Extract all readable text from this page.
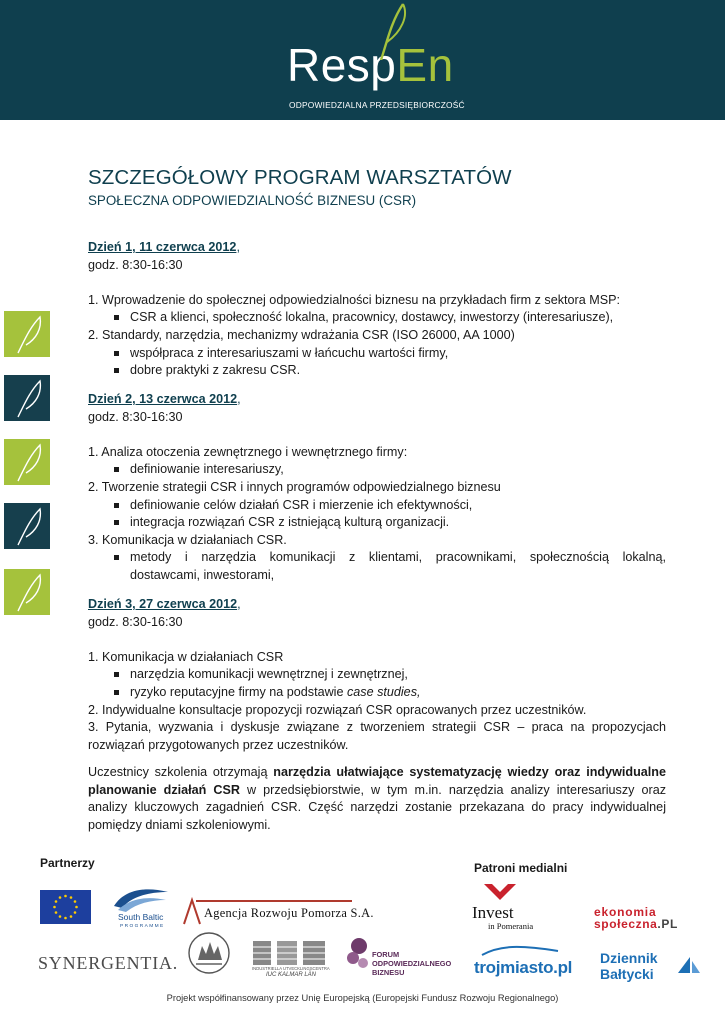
RespEn
ODPOWIEDZIALNA PRZEDSIĘBIORCZOŚĆ
SZCZEGÓŁOWY PROGRAM WARSZTATÓW
SPOŁECZNA ODPOWIEDZIALNOŚĆ BIZNESU (CSR)
Dzień 1, 11 czerwca 2012,
godz. 8:30-16:30
1. Wprowadzenie do społecznej odpowiedzialności biznesu na przykładach firm z sektora MSP:
CSR a klienci, społeczność lokalna, pracownicy, dostawcy, inwestorzy (interesariusze),
2. Standardy, narzędzia, mechanizmy wdrażania CSR (ISO 26000, AA 1000)
współpraca z interesariuszami w łańcuchu wartości firmy,
dobre praktyki z zakresu CSR.
Dzień 2, 13 czerwca 2012,
godz. 8:30-16:30
1. Analiza otoczenia zewnętrznego i wewnętrznego firmy:
definiowanie interesariuszy,
2. Tworzenie strategii CSR i innych programów odpowiedzialnego biznesu
definiowanie celów działań CSR i mierzenie ich efektywności,
integracja rozwiązań CSR z istniejącą kulturą organizacji.
3. Komunikacja w działaniach CSR.
metody i narzędzia komunikacji z klientami, pracownikami, społecznością lokalną,
dostawcami, inwestorami,
Dzień 3, 27 czerwca 2012,
godz. 8:30-16:30
1. Komunikacja w działaniach CSR
narzędzia komunikacji wewnętrznej i zewnętrznej,
ryzyko reputacyjne firmy na podstawie case studies,
2. Indywidualne konsultacje propozycji rozwiązań CSR opracowanych przez uczestników.
3. Pytania, wyzwania i dyskusje związane z tworzeniem strategii CSR – praca na propozycjach rozwiązań przygotowanych przez uczestników.
Uczestnicy szkolenia otrzymają narzędzia ułatwiające systematyzację wiedzy oraz indywidualne planowanie działań CSR w przedsiębiorstwie, w tym m.in. narzędzia analizy interesariuszy oraz analizy kluczowych zagadnień CSR. Część narzędzi zostanie przekazana do pracy indywidualnej pomiędzy dniami szkoleniowymi.
Partnerzy	Patroni medialni
South Baltic
PROGRAMME
Agencja Rozwoju Pomorza S.A.	Invest
in Pomerania
ekonomia
społeczna.PL
SYNERGENTIA.	INDUSTRIELLA UTVECKLINGSCENTRA
IUC KALMAR LÄN
FORUM
ODPOWIEDZIALNEGO
BIZNESU	trojmiasto.pl Dziennik
Bałtycki
Projekt współfinansowany przez Unię Europejską (Europejski Fundusz Rozwoju Regionalnego)
